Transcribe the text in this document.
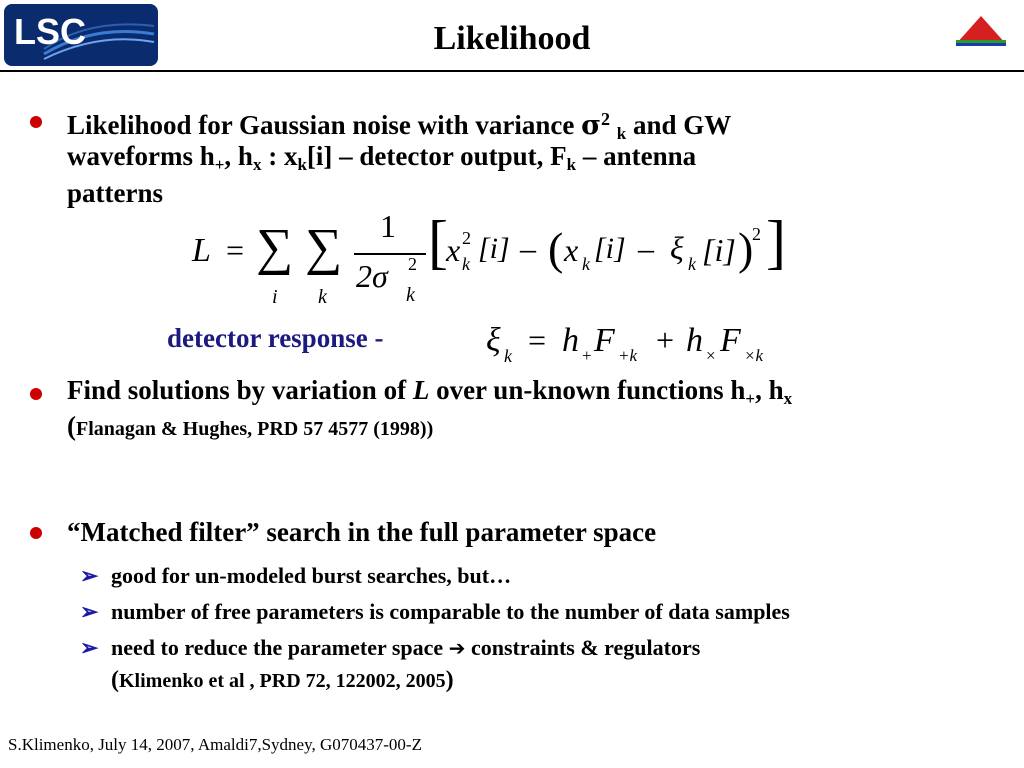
LSC	Likelihood
Likelihood for Gaussian noise with variance $\sigma^2$ $_k$ and GW
waveforms $h_+$, $h_x$ : $x_k[i]$ – detector output, $F_k$ – antenna
patterns
L = ∑
i
∑
k
1
2σ 2
k
[
x 2
k [i] – ( x k [i] – ξ k [i] )
2 ]
detector response -	ξ k = h + F +k + h × F ×k
Find solutions by variation of L over un-known functions $h_+$, $h_x$
(Flanagan & Hughes, PRD 57 4577 (1998))
“Matched filter” search in the full parameter space
➢ good for un-modeled burst searches, but…
➢ number of free parameters is comparable to the number of data samples
➢ need to reduce the parameter space ➔ constraints & regulators
(Klimenko et al , PRD 72, 122002, 2005)
S.Klimenko, July 14, 2007, Amaldi7,Sydney, G070437-00-Z
